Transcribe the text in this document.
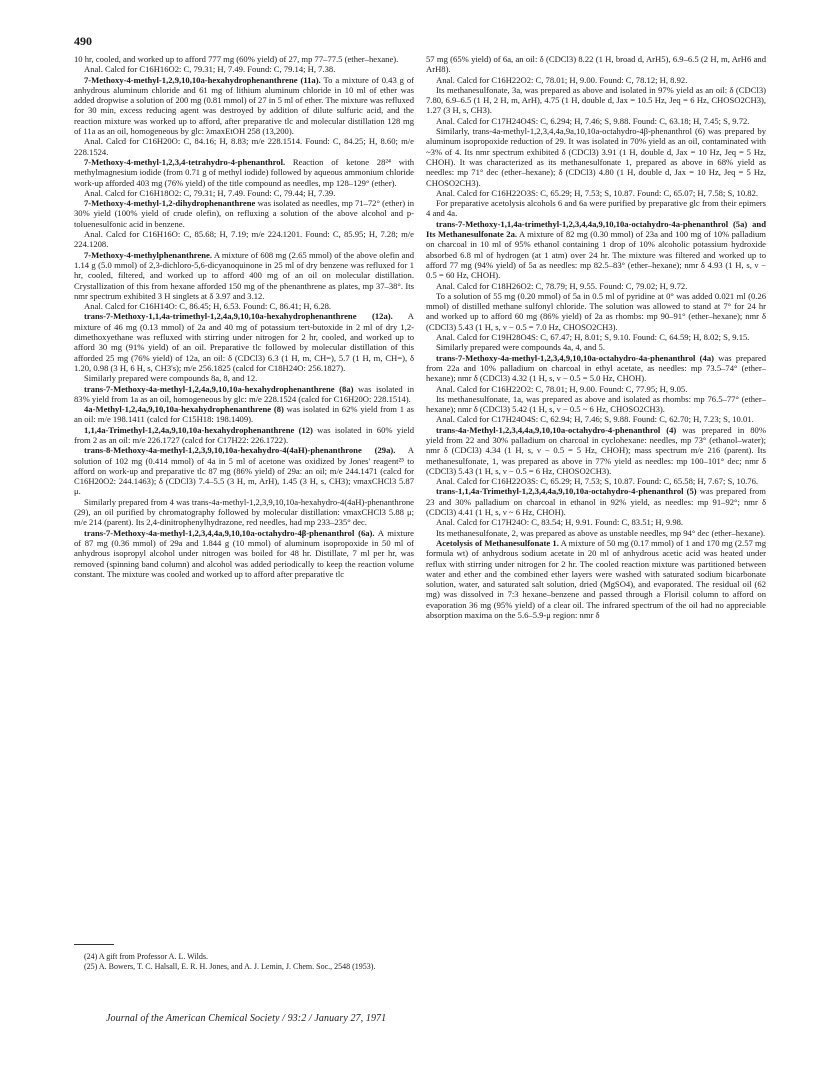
490

10 hr, cooled, and worked up to afford 777 mg (60% yield) of 27, mp 77–77.5 (ether–hexane).

Anal. Calcd for C16H16O2: C, 79.31; H, 7.49. Found: C, 79.14; H, 7.38.

7-Methoxy-4-methyl-1,2,9,10,10a-hexahydrophenanthrene (11a). To a mixture of 0.43 g of anhydrous aluminum chloride and 61 mg of lithium aluminum chloride in 10 ml of ether was added dropwise a solution of 200 mg (0.81 mmol) of 27 in 5 ml of ether. The mixture was refluxed for 30 min, excess reducing agent was destroyed by addition of dilute sulfuric acid, and the reaction mixture was worked up to afford, after preparative tlc and molecular distillation 128 mg of 11a as an oil, homogeneous by glc: λmaxEtOH 258 (13,200).

Anal. Calcd for C16H20O: C, 84.16; H, 8.83; m/e 228.1514. Found: C, 84.25; H, 8.60; m/e 228.1524.

7-Methoxy-4-methyl-1,2,3,4-tetrahydro-4-phenanthrol. Reaction of ketone 28²⁴ with methylmagnesium iodide (from 0.71 g of methyl iodide) followed by aqueous ammonium chloride work-up afforded 403 mg (76% yield) of the title compound as needles, mp 128–129° (ether).

Anal. Calcd for C16H18O2: C, 79.31; H, 7.49. Found: C, 79.44; H, 7.39.

7-Methoxy-4-methyl-1,2-dihydrophenanthrene was isolated as needles, mp 71–72° (ether) in 30% yield (100% yield of crude olefin), on refluxing a solution of the above alcohol and p-toluenesulfonic acid in benzene.

Anal. Calcd for C16H16O: C, 85.68; H, 7.19; m/e 224.1201. Found: C, 85.95; H, 7.28; m/e 224.1208.

7-Methoxy-4-methylphenanthrene. A mixture of 608 mg (2.65 mmol) of the above olefin and 1.14 g (5.0 mmol) of 2,3-dichloro-5,6-dicyanoquinone in 25 ml of dry benzene was refluxed for 1 hr, cooled, filtered, and worked up to afford 400 mg of an oil on molecular distillation. Crystallization of this from hexane afforded 150 mg of the phenanthrene as plates, mp 37–38°. Its nmr spectrum exhibited 3 H singlets at δ 3.97 and 3.12.

Anal. Calcd for C16H14O: C, 86.45; H, 6.53. Found: C, 86.41; H, 6.28.

trans-7-Methoxy-1,1,4a-trimethyl-1,2,4a,9,10,10a-hexahydrophenanthrene (12a). A mixture of 46 mg (0.13 mmol) of 2a and 40 mg of potassium tert-butoxide in 2 ml of dry 1,2-dimethoxyethane was refluxed with stirring under nitrogen for 2 hr, cooled, and worked up to afford 30 mg (91% yield) of an oil. Preparative tlc followed by molecular distillation of this afforded 25 mg (76% yield) of 12a, an oil: δ (CDCl3) 6.3 (1 H, m, CH=), 5.7 (1 H, m, CH=), δ 1.20, 0.98 (3 H, 6 H, s, CH3's); m/e 256.1825 (calcd for C18H24O: 256.1827).

Similarly prepared were compounds 8a, 8, and 12.

trans-7-Methoxy-4a-methyl-1,2,4a,9,10,10a-hexahydrophenanthrene (8a) was isolated in 83% yield from 1a as an oil, homogeneous by glc: m/e 228.1524 (calcd for C16H20O: 228.1514).

4a-Methyl-1,2,4a,9,10,10a-hexahydrophenanthrene (8) was isolated in 62% yield from 1 as an oil: m/e 198.1411 (calcd for C15H18: 198.1409).

1,1,4a-Trimethyl-1,2,4a,9,10,10a-hexahydrophenanthrene (12) was isolated in 60% yield from 2 as an oil: m/e 226.1727 (calcd for C17H22: 226.1722).

trans-8-Methoxy-4a-methyl-1,2,3,9,10,10a-hexahydro-4(4aH)-phenanthrone (29a). A solution of 102 mg (0.414 mmol) of 4a in 5 ml of acetone was oxidized by Jones' reagent²⁵ to afford on work-up and preparative tlc 87 mg (86% yield) of 29a: an oil; m/e 244.1471 (calcd for C16H20O2: 244.1463); δ (CDCl3) 7.4–5.5 (3 H, m, ArH), 1.45 (3 H, s, CH3); νmaxCHCl3 5.87 μ.

Similarly prepared from 4 was trans-4a-methyl-1,2,3,9,10,10a-hexahydro-4(4aH)-phenanthrone (29), an oil purified by chromatography followed by molecular distillation: νmaxCHCl3 5.88 μ; m/e 214 (parent). Its 2,4-dinitrophenylhydrazone, red needles, had mp 233–235° dec.

trans-7-Methoxy-4a-methyl-1,2,3,4,4a,9,10,10a-octahydro-4β-phenanthrol (6a). A mixture of 87 mg (0.36 mmol) of 29a and 1.844 g (10 mmol) of aluminum isopropoxide in 50 ml of anhydrous isopropyl alcohol under nitrogen was boiled for 48 hr. Distillate, 7 ml per hr, was removed (spinning band column) and alcohol was added periodically to keep the reaction volume constant. The mixture was cooled and worked up to afford after preparative tlc

57 mg (65% yield) of 6a, an oil: δ (CDCl3) 8.22 (1 H, broad d, ArH5), 6.9–6.5 (2 H, m, ArH6 and ArH8).

Anal. Calcd for C16H22O2: C, 78.01; H, 9.00. Found: C, 78.12; H, 8.92.

Its methanesulfonate, 3a, was prepared as above and isolated in 97% yield as an oil: δ (CDCl3) 7.80, 6.9–6.5 (1 H, 2 H, m, ArH), 4.75 (1 H, double d, Jax = 10.5 Hz, Jeq = 6 Hz, CHOSO2CH3), 1.27 (3 H, s, CH3).

Anal. Calcd for C17H24O4S: C, 6.294; H, 7.46; S, 9.88. Found: C, 63.18; H, 7.45; S, 9.72.

Similarly, trans-4a-methyl-1,2,3,4,4a,9a,10,10a-octahydro-4β-phenanthrol (6) was prepared by aluminum isopropoxide reduction of 29. It was isolated in 70% yield as an oil, contaminated with ~3% of 4. Its nmr spectrum exhibited δ (CDCl3) 3.91 (1 H, double d, Jax = 10 Hz, Jeq = 5 Hz, CHOH). It was characterized as its methanesulfonate 1, prepared as above in 68% yield as needles: mp 71° dec (ether–hexane); δ (CDCl3) 4.80 (1 H, double d, Jax = 10 Hz, Jeq = 5 Hz, CHOSO2CH3).

Anal. Calcd for C16H22O3S: C, 65.29; H, 7.53; S, 10.87. Found: C, 65.07; H, 7.58; S, 10.82.

For preparative acetolysis alcohols 6 and 6a were purified by preparative glc from their epimers 4 and 4a.

trans-7-Methoxy-1,1,4a-trimethyl-1,2,3,4,4a,9,10,10a-octahydro-4a-phenanthrol (5a) and Its Methanesulfonate 2a. A mixture of 82 mg (0.30 mmol) of 23a and 100 mg of 10% palladium on charcoal in 10 ml of 95% ethanol containing 1 drop of 10% alcoholic potassium hydroxide absorbed 6.8 ml of hydrogen (at 1 atm) over 24 hr. The mixture was filtered and worked up to afford 77 mg (94% yield) of 5a as needles: mp 82.5–83° (ether–hexane); nmr δ 4.93 (1 H, s, ν − 0.5 = 60 Hz, CHOH).

Anal. Calcd for C18H26O2: C, 78.79; H, 9.55. Found: C, 79.02; H, 9.72.

To a solution of 55 mg (0.20 mmol) of 5a in 0.5 ml of pyridine at 0° was added 0.021 ml (0.26 mmol) of distilled methane sulfonyl chloride. The solution was allowed to stand at 7° for 24 hr and worked up to afford 60 mg (86% yield) of 2a as rhombs: mp 90–91° (ether–hexane); nmr δ (CDCl3) 5.43 (1 H, s, ν − 0.5 = 7.0 Hz, CHOSO2CH3).

Anal. Calcd for C19H28O4S: C, 67.47; H, 8.01; S, 9.10. Found: C, 64.59; H, 8.02; S, 9.15.

Similarly prepared were compounds 4a, 4, and 5.

trans-7-Methoxy-4a-methyl-1,2,3,4,9,10,10a-octahydro-4a-phenanthrol (4a) was prepared from 22a and 10% palladium on charcoal in ethyl acetate, as needles: mp 73.5–74° (ether–hexane); nmr δ (CDCl3) 4.32 (1 H, s, ν − 0.5 = 5.0 Hz, CHOH).

Anal. Calcd for C16H22O2: C, 78.01; H, 9.00. Found: C, 77.95; H, 9.05.

Its methanesulfonate, 1a, was prepared as above and isolated as rhombs: mp 76.5–77° (ether–hexane); nmr δ (CDCl3) 5.42 (1 H, s, ν − 0.5 ~ 6 Hz, CHOSO2CH3).

Anal. Calcd for C17H24O4S: C, 62.94; H, 7.46; S, 9.88. Found: C, 62.70; H, 7.23; S, 10.01.

trans-4a-Methyl-1,2,3,4,4a,9,10,10a-octahydro-4-phenanthrol (4) was prepared in 80% yield from 22 and 30% palladium on charcoal in cyclohexane: needles, mp 73° (ethanol–water); nmr δ (CDCl3) 4.34 (1 H, s, ν − 0.5 = 5 Hz, CHOH); mass spectrum m/e 216 (parent). Its methanesulfonate, 1, was prepared as above in 77% yield as needles: mp 100–101° dec; nmr δ (CDCl3) 5.43 (1 H, s, ν − 0.5 = 6 Hz, CHOSO2CH3).

Anal. Calcd for C16H22O3S: C, 65.29; H, 7.53; S, 10.87. Found: C, 65.58; H, 7.67; S, 10.76.

trans-1,1,4a-Trimethyl-1,2,3,4,4a,9,10,10a-octahydro-4-phenanthrol (5) was prepared from 23 and 30% palladium on charcoal in ethanol in 92% yield, as needles: mp 91–92°; nmr δ (CDCl3) 4.41 (1 H, s, ν ~ 6 Hz, CHOH).

Anal. Calcd for C17H24O: C, 83.54; H, 9.91. Found: C, 83.51; H, 9.98.

Its methanesulfonate, 2, was prepared as above as unstable needles, mp 94° dec (ether–hexane).

Acetolysis of Methanesulfonate 1. A mixture of 50 mg (0.17 mmol) of 1 and 170 mg (2.57 mg formula wt) of anhydrous sodium acetate in 20 ml of anhydrous acetic acid was heated under reflux with stirring under nitrogen for 2 hr. The cooled reaction mixture was partitioned between water and ether and the combined ether layers were washed with saturated sodium bicarbonate solution, water, and saturated salt solution, dried (MgSO4), and evaporated. The residual oil (62 mg) was dissolved in 7:3 hexane–benzene and passed through a Florisil column to afford on evaporation 36 mg (95% yield) of a clear oil. The infrared spectrum of the oil had no appreciable absorption maxima on the 5.6–5.9-μ region: nmr δ

(24) A gift from Professor A. L. Wilds.

(25) A. Bowers, T. C. Halsall, E. R. H. Jones, and A. J. Lemin, J. Chem. Soc., 2548 (1953).

Journal of the American Chemical Society / 93:2 / January 27, 1971
